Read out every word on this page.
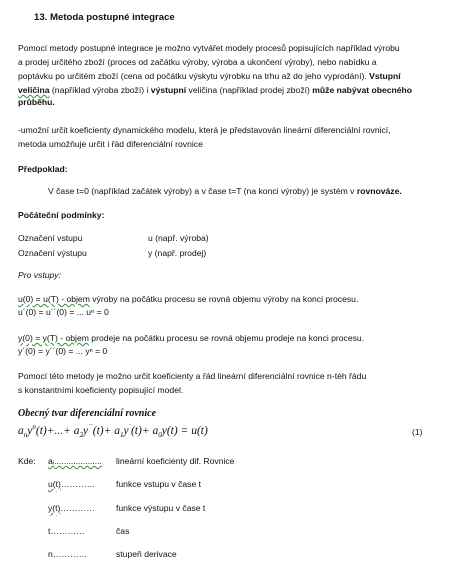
13. Metoda postupné integrace
Pomocí metody postupné integrace je možno vytvářet modely procesů popisujících například výrobu
a prodej určitého zboží (proces od začátku výroby, výroba a ukončení výroby), nebo nabídku a
poptávku po určitém zboží (cena od počátku výskytu výrobku na trhu až do jeho vyprodání). Vstupní
veličina (například výroba zboží) i výstupní veličina (například prodej zboží) může nabývat obecného
průběhu.
-umožní určit koeficienty dynamického modelu, která je představován lineární diferenciální rovnicí,
metoda umožňuje určit i řád diferenciální rovnice
Předpoklad:
V čase t=0 (například začátek výroby) a v čase t=T (na konci výroby) je systém v rovnováze.
Počáteční podmínky:
Označení vstupu	u (např. výroba)
Označení výstupu	y (např. prodej)
Pro vstupy:
u(0) = u(T) - objem výroby na počátku procesu se rovná objemu výroby na konci procesu.
u´(0) = u´´(0) = ... uⁿ = 0
y(0) = y(T) - objem prodeje na počátku procesu se rovná objemu prodeje na konci procesu.
y´(0) = y´´(0) = ... yⁿ = 0
Pomocí této metody je možno určit koeficienty a řád lineární diferenciální rovnice n-téh řádu
s konstantními koeficienty popisující model.
Obecný tvar diferenciální rovnice
$a_ny^n(t)+...+ a_2y^{´´}(t)+ a_1y^´(t)+ a_0y(t) = u(t)$	(1)
Kde:	aᵢ....................	lineární koeficienty dif. Rovnice
u(t)…………	funkce vstupu v čase t
y(t)…………	funkce výstupu v čase t
t…………	čas
n…………	stupeň derivace
